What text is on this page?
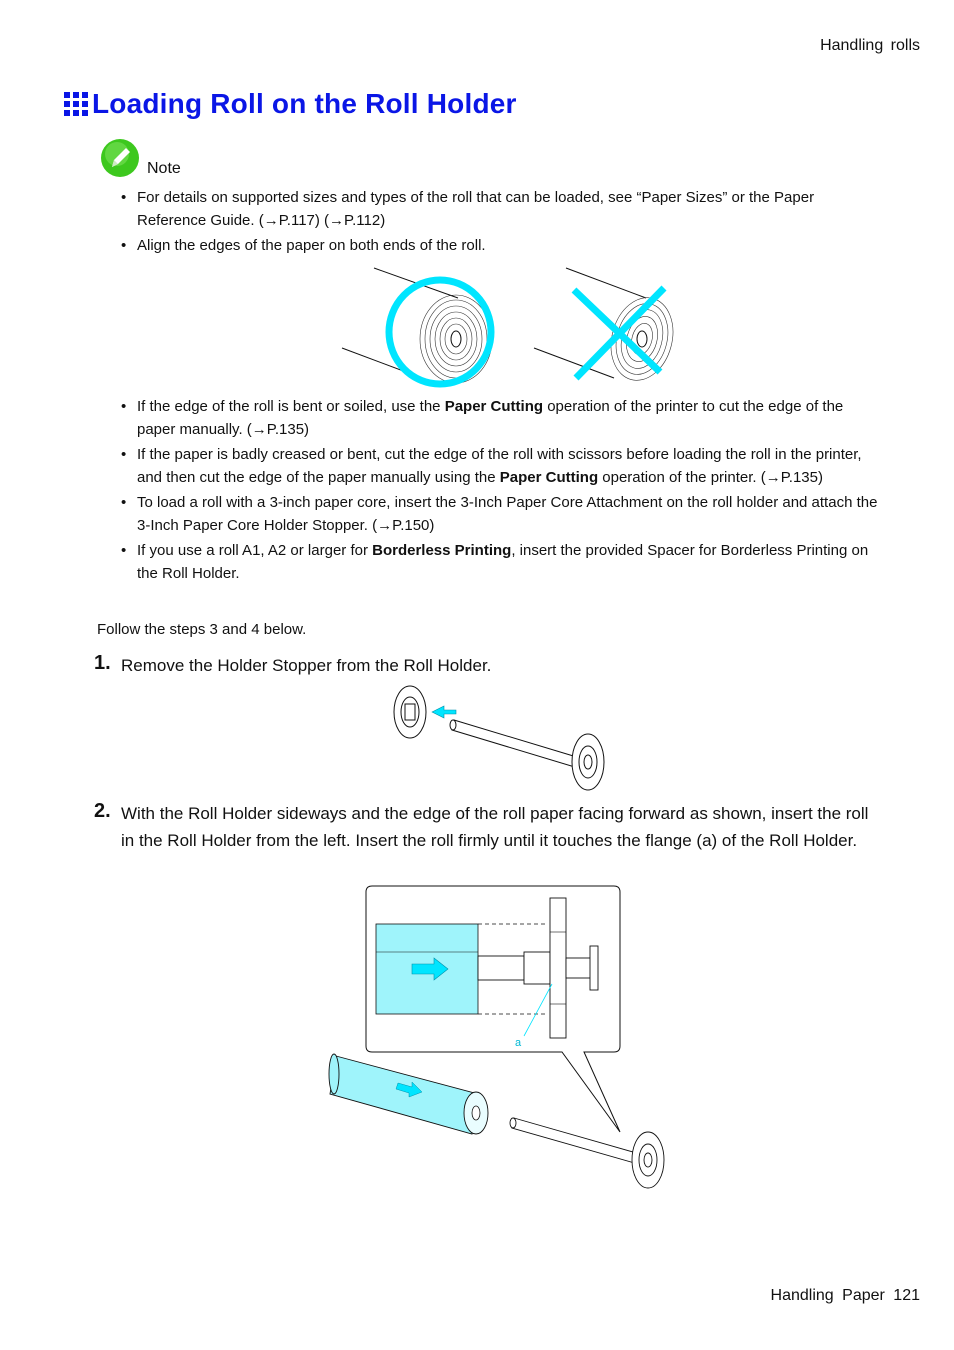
Handling rolls
Loading Roll on the Roll Holder
Note
• For details on supported sizes and types of the roll that can be loaded, see “Paper Sizes” or the Paper Reference Guide. (→P.117) (→P.112)
• Align the edges of the paper on both ends of the roll.
• If the edge of the roll is bent or soiled, use the Paper Cutting operation of the printer to cut the edge of the paper manually. (→P.135)
• If the paper is badly creased or bent, cut the edge of the roll with scissors before loading the roll in the printer, and then cut the edge of the paper manually using the Paper Cutting operation of the printer. (→P.135)
• To load a roll with a 3-inch paper core, insert the 3-Inch Paper Core Attachment on the roll holder and attach the 3-Inch Paper Core Holder Stopper. (→P.150)
• If you use a roll A1, A2 or larger for Borderless Printing, insert the provided Spacer for Borderless Printing on the Roll Holder.
Follow the steps 3 and 4 below.
1. Remove the Holder Stopper from the Roll Holder.
2. With the Roll Holder sideways and the edge of the roll paper facing forward as shown, insert the roll in the Roll Holder from the left. Insert the roll firmly until it touches the flange (a) of the Roll Holder.
a
Handling Paper 121
